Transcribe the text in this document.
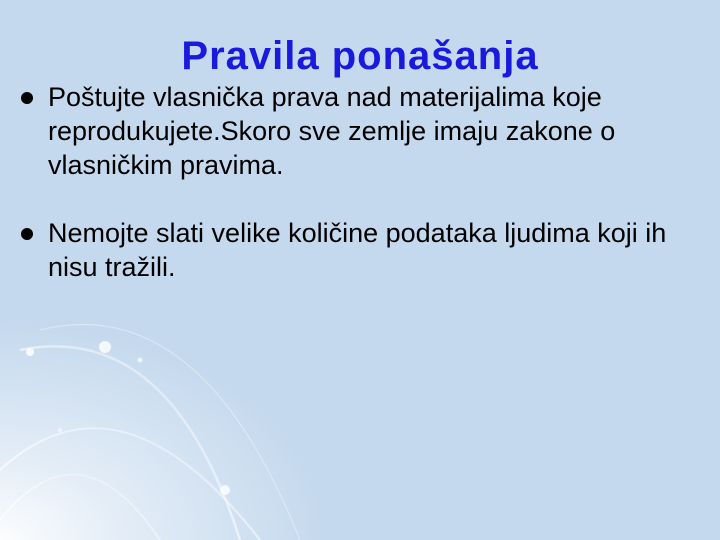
Pravila ponašanja
Poštujte vlasnička prava nad materijalima koje reprodukujete.Skoro sve zemlje imaju zakone o vlasničkim pravima.
Nemojte slati velike količine podataka ljudima koji ih nisu tražili.
